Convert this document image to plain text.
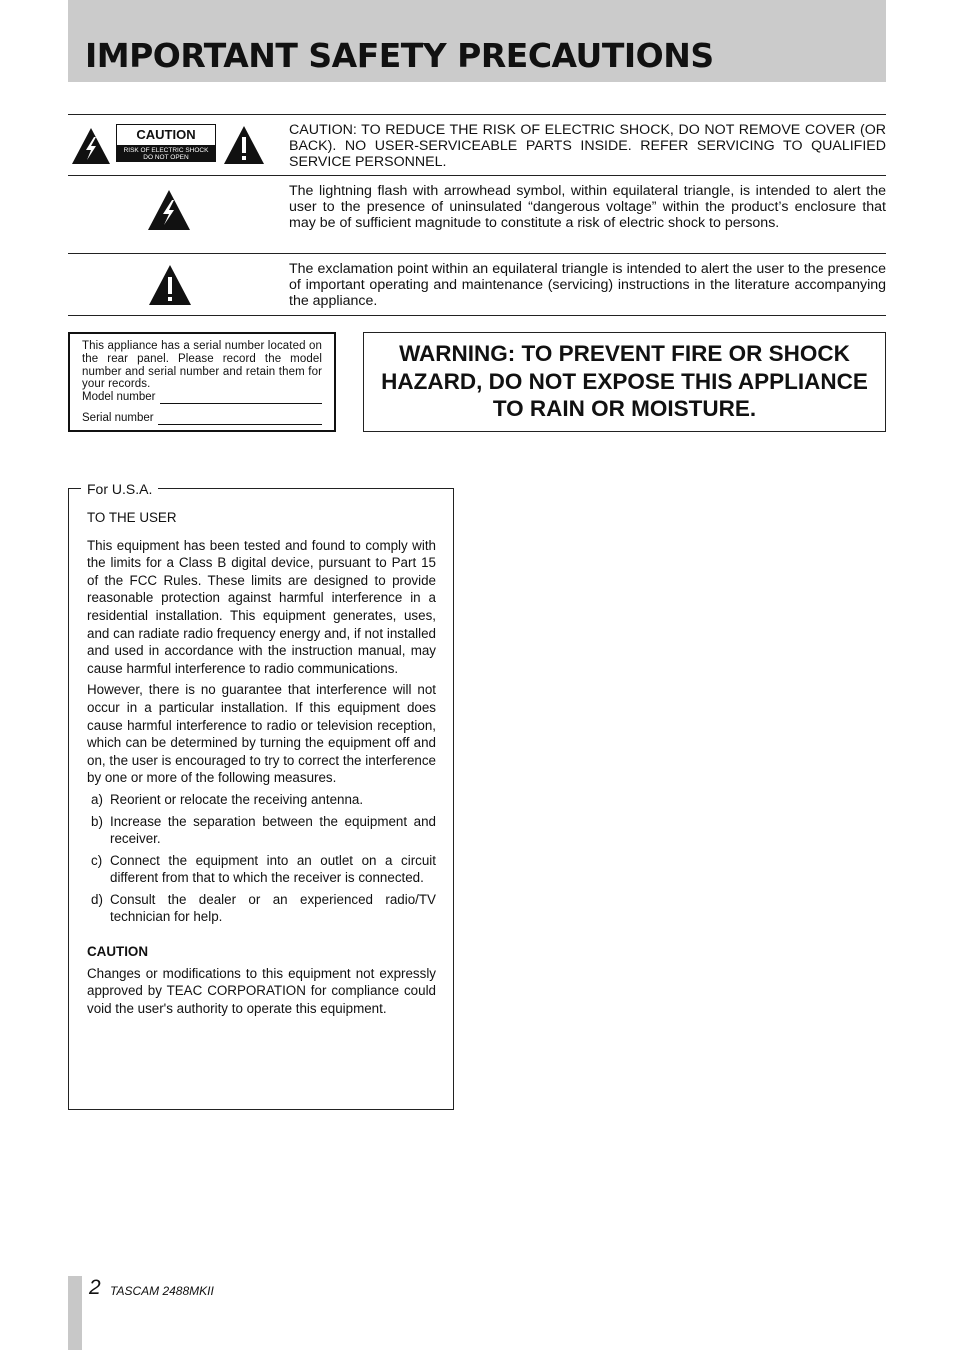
IMPORTANT SAFETY PRECAUTIONS
CAUTION
RISK OF ELECTRIC SHOCK
DO NOT OPEN
CAUTION: TO REDUCE THE RISK OF ELECTRIC SHOCK, DO NOT REMOVE COVER (OR BACK). NO USER-SERVICEABLE PARTS INSIDE. REFER SERVICING TO QUALIFIED SERVICE PERSONNEL.
The lightning flash with arrowhead symbol, within equilateral triangle, is intended to alert the user to the presence of uninsulated “dangerous voltage” within the product’s enclosure that may be of sufficient magnitude to constitute a risk of electric shock to persons.
The exclamation point within an equilateral triangle is intended to alert the user to the presence of important operating and maintenance (servicing) instructions in the literature accompanying the appliance.
This appliance has a serial number located on the rear panel. Please record the model number and serial number and retain them for your records.
Model number
Serial number
WARNING: TO PREVENT FIRE OR SHOCK HAZARD, DO NOT EXPOSE THIS APPLIANCE TO RAIN OR MOISTURE.
For U.S.A.

TO THE USER

This equipment has been tested and found to comply with the limits for a Class B digital device, pursuant to Part 15 of the FCC Rules. These limits are designed to provide reasonable protection against harmful interference in a residential installation. This equipment generates, uses, and can radiate radio frequency energy and, if not installed and used in accordance with the instruction manual, may cause harmful interference to radio communications.

However, there is no guarantee that interference will not occur in a particular installation. If this equipment does cause harmful interference to radio or television reception, which can be determined by turning the equipment off and on, the user is encouraged to try to correct the interference by one or more of the following measures.

a) Reorient or relocate the receiving antenna.
b) Increase the separation between the equipment and receiver.
c) Connect the equipment into an outlet on a circuit different from that to which the receiver is connected.
d) Consult the dealer or an experienced radio/TV technician for help.

CAUTION

Changes or modifications to this equipment not expressly approved by TEAC CORPORATION for compliance could void the user's authority to operate this equipment.

2 TASCAM 2488MKII
